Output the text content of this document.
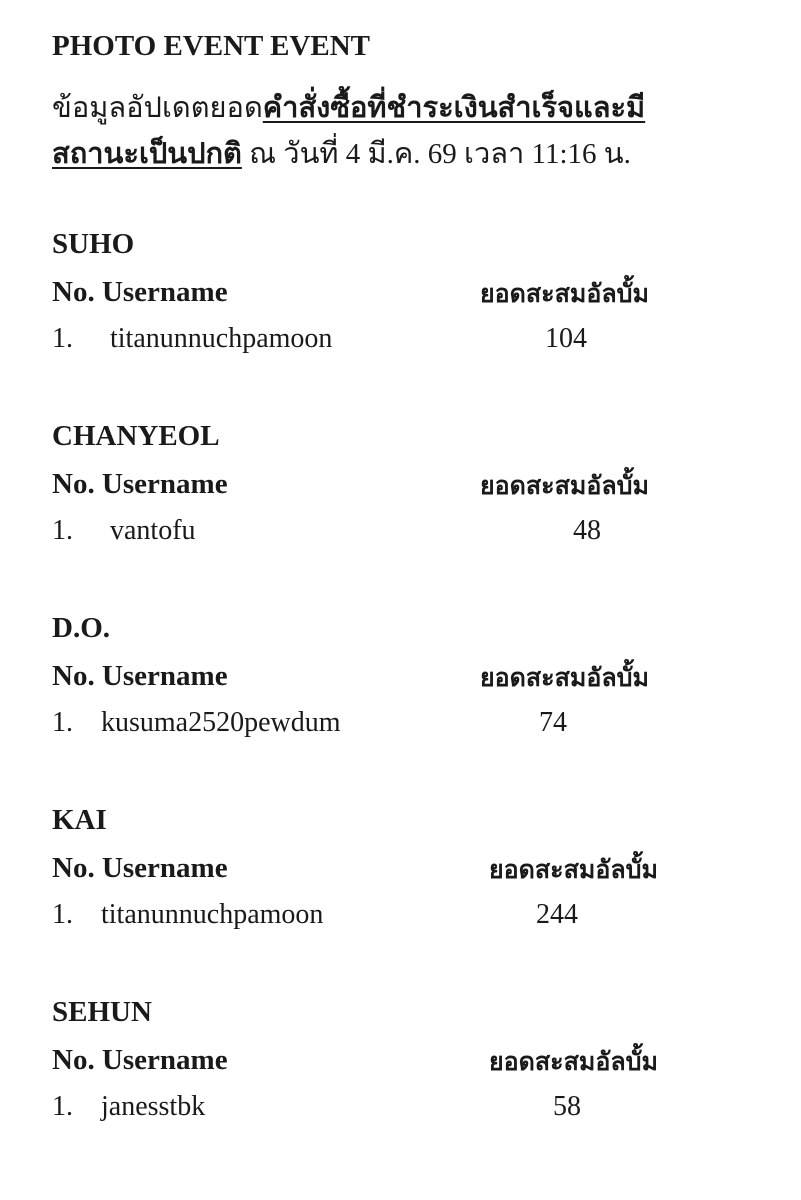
PHOTO EVENT EVENT
ข้อมูลอัปเดตยอดคำสั่งซื้อที่ชำระเงินสำเร็จและมี
สถานะเป็นปกติ ณ วันที่ 4 มี.ค. 69 เวลา 11:16 น.
SUHO
No. Username	ยอดสะสมอัลบั้ม
1. titanunnuchpamoon	104
CHANYEOL
No. Username	ยอดสะสมอัลบั้ม
1. vantofu	48
D.O.
No. Username	ยอดสะสมอัลบั้ม
1. kusuma2520pewdum	74
KAI
No. Username	ยอดสะสมอัลบั้ม
1. titanunnuchpamoon	244
SEHUN
No. Username	ยอดสะสมอัลบั้ม
1. janesstbk	58
